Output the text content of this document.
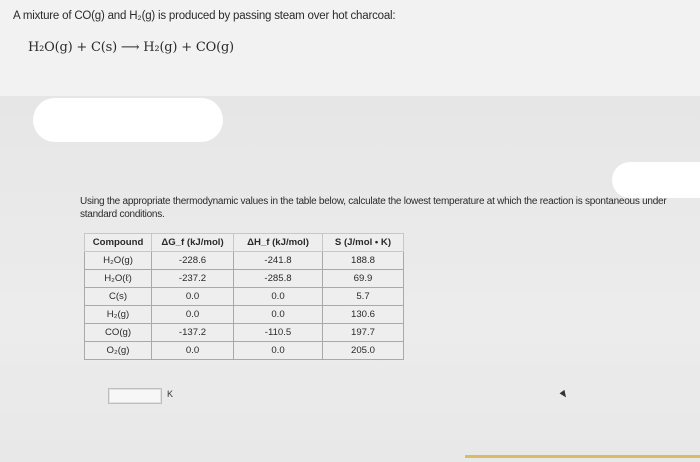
A mixture of CO(g) and H₂(g) is produced by passing steam over hot charcoal:
H₂O(g) + C(s) ⟶ H₂(g) + CO(g)
Using the appropriate thermodynamic values in the table below, calculate the lowest temperature at which the reaction is spontaneous under standard conditions.
Compound	ΔG_f (kJ/mol)	ΔH_f (kJ/mol)	S (J/mol • K)
H₂O(g)	-228.6	-241.8	188.8
H₂O(ℓ)	-237.2	-285.8	69.9
C(s)	0.0	0.0	5.7
H₂(g)	0.0	0.0	130.6
CO(g)	-137.2	-110.5	197.7
O₂(g)	0.0	0.0	205.0
K
